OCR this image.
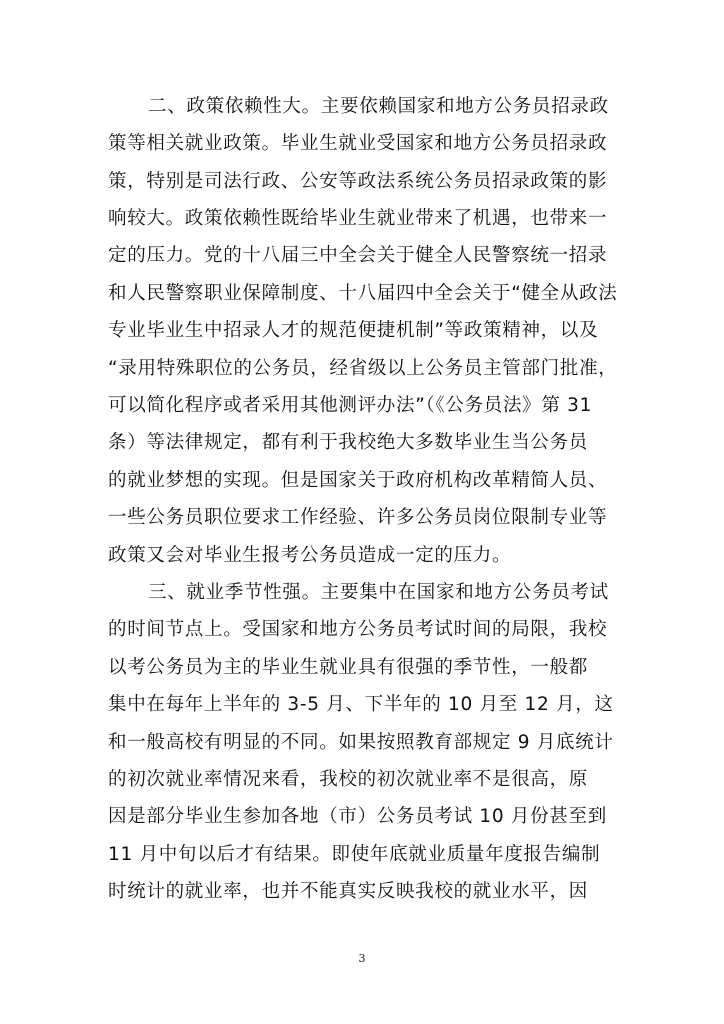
二、政策依赖性大。主要依赖国家和地方公务员招录政
策等相关就业政策。毕业生就业受国家和地方公务员招录政
策，特别是司法行政、公安等政法系统公务员招录政策的影
响较大。政策依赖性既给毕业生就业带来了机遇，也带来一
定的压力。党的十八届三中全会关于健全人民警察统一招录
和人民警察职业保障制度、十八届四中全会关于“健全从政法
专业毕业生中招录人才的规范便捷机制”等政策精神，以及
“录用特殊职位的公务员，经省级以上公务员主管部门批准，
可以简化程序或者采用其他测评办法”（《公务员法》第 31
条）等法律规定，都有利于我校绝大多数毕业生当公务员
的就业梦想的实现。但是国家关于政府机构改革精简人员、
一些公务员职位要求工作经验、许多公务员岗位限制专业等
政策又会对毕业生报考公务员造成一定的压力。
三、就业季节性强。主要集中在国家和地方公务员考试
的时间节点上。受国家和地方公务员考试时间的局限，我校
以考公务员为主的毕业生就业具有很强的季节性，一般都
集中在每年上半年的 3-5 月、下半年的 10 月至 12 月，这
和一般高校有明显的不同。如果按照教育部规定 9 月底统计
的初次就业率情况来看，我校的初次就业率不是很高，原
因是部分毕业生参加各地（市）公务员考试 10 月份甚至到
11 月中旬以后才有结果。即使年底就业质量年度报告编制
时统计的就业率，也并不能真实反映我校的就业水平，因
3
